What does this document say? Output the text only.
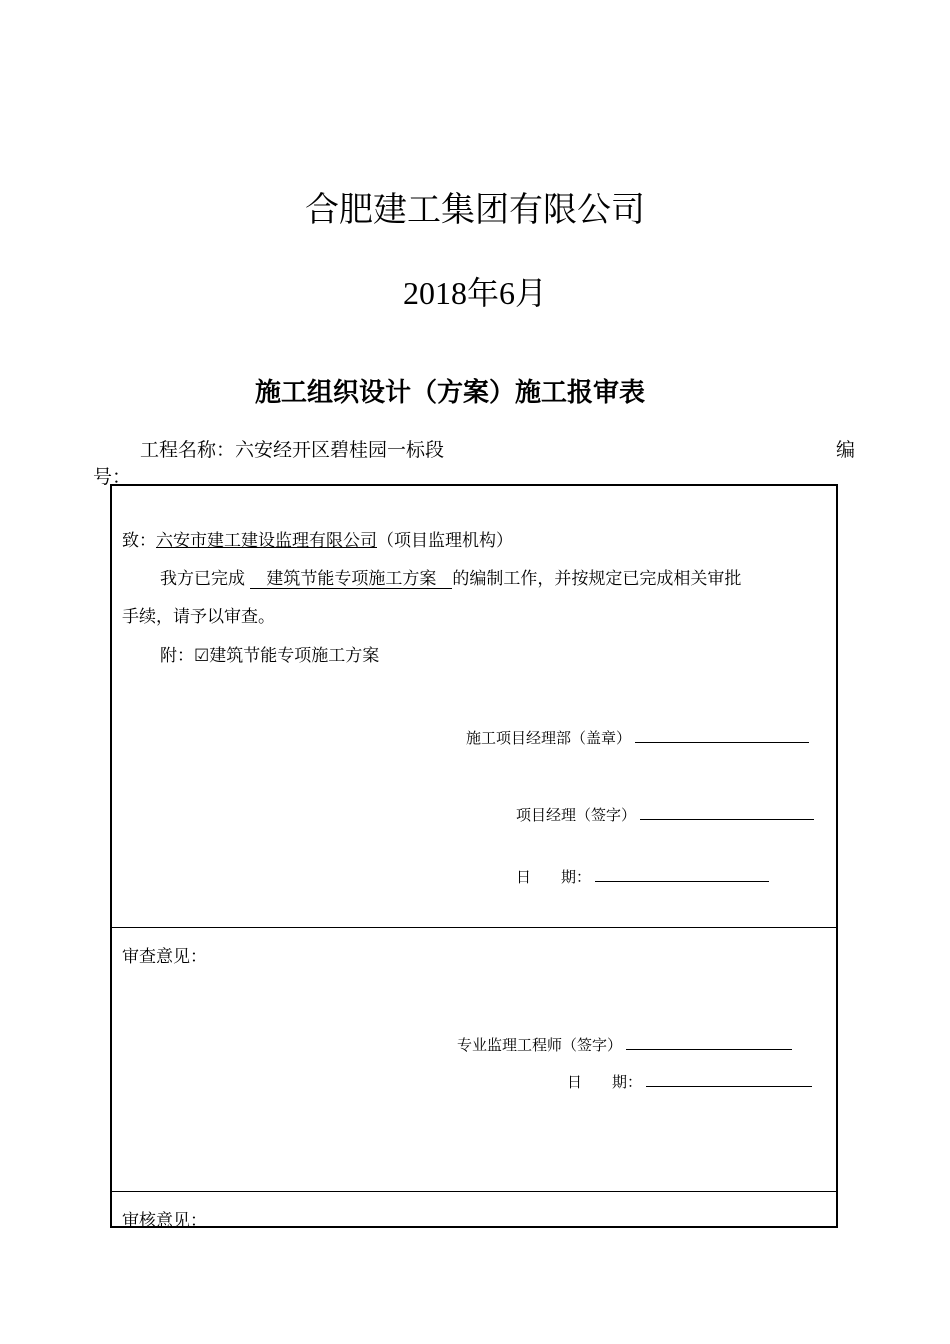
合肥建工集团有限公司
2018年6月
施工组织设计（方案）施工报审表
工程名称：六安经开区碧桂园一标段	编
号：
致：六安市建工建设监理有限公司（项目监理机构）
我方已完成 建筑节能专项施工方案 的编制工作，并按规定已完成相关审批
手续，请予以审查。
附：☑建筑节能专项施工方案
施工项目经理部（盖章）
项目经理（签字）
日　　期：
审查意见：
专业监理工程师（签字）
日　　期：
审核意见：
